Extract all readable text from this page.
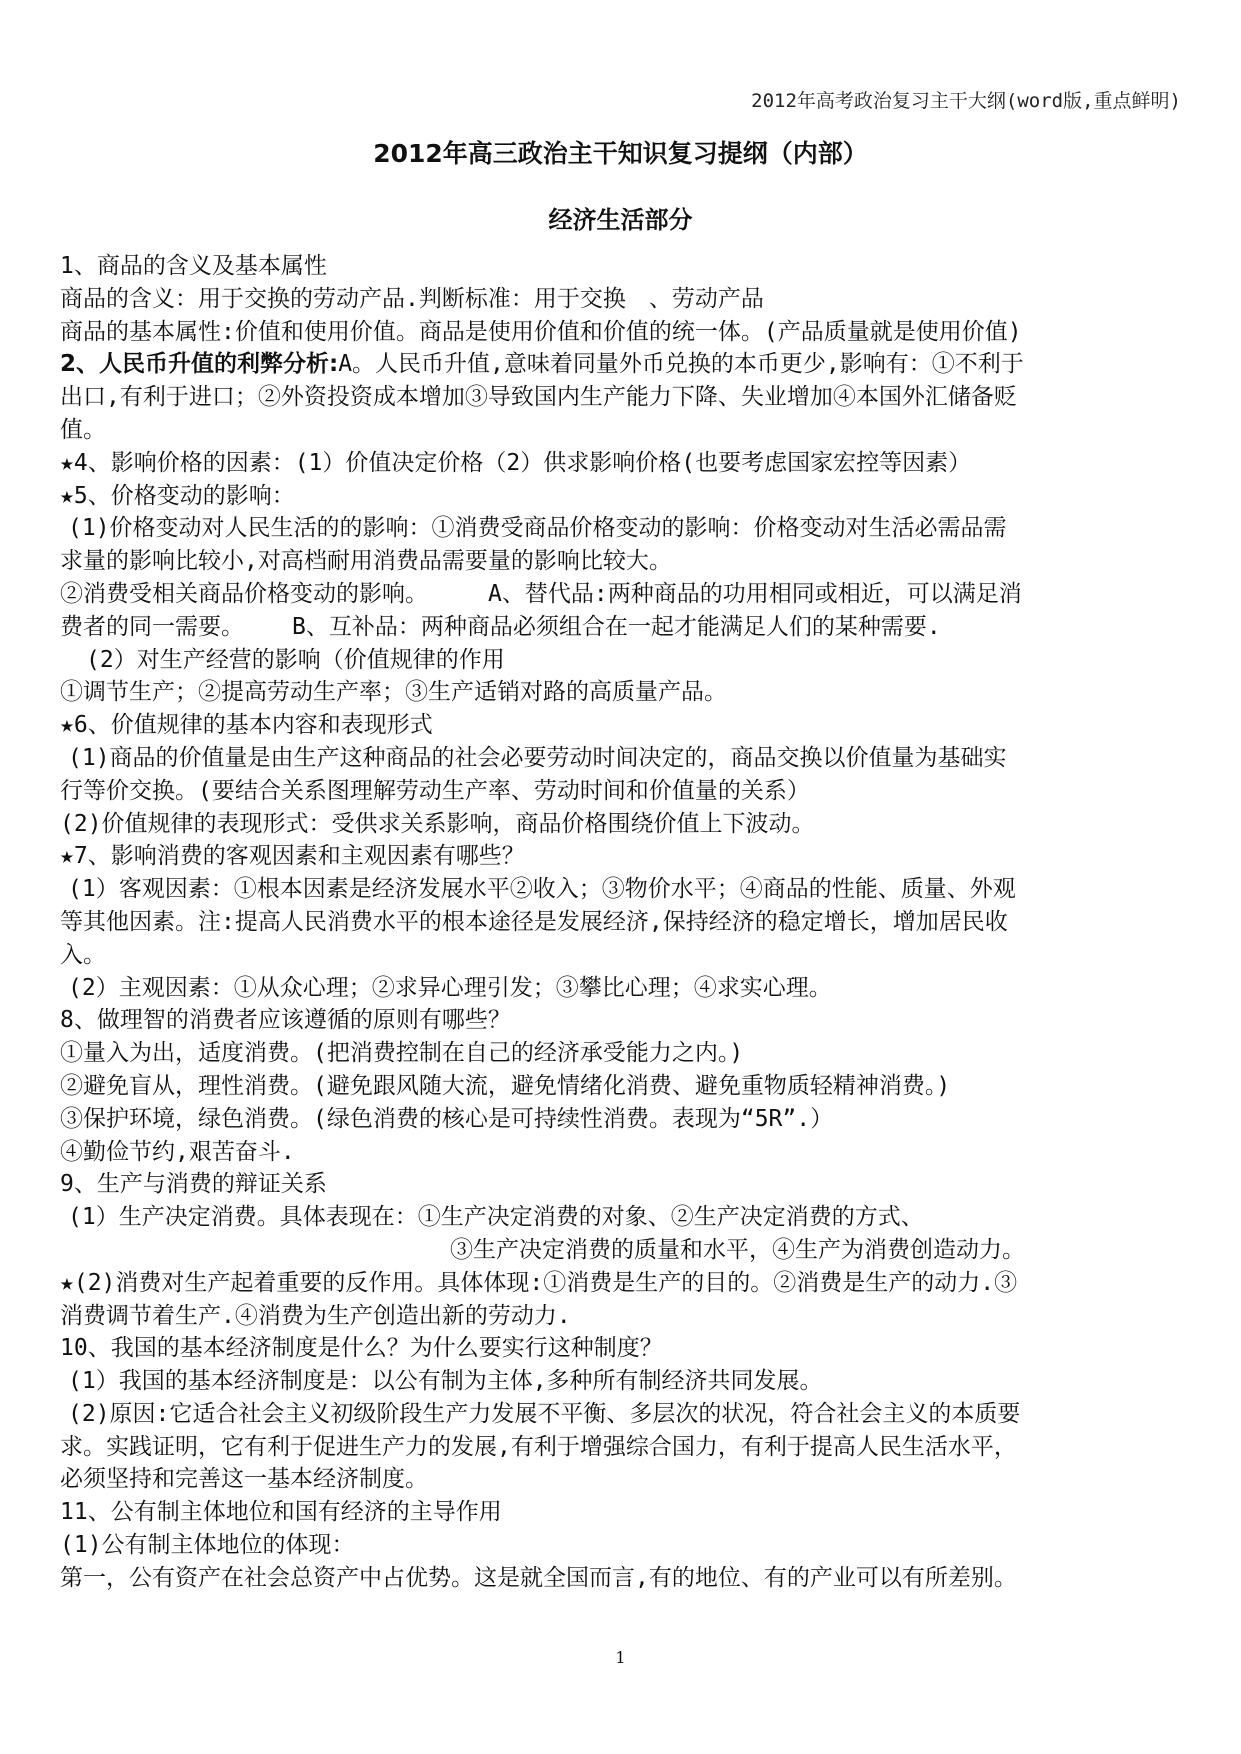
2012年高考政治复习主干大纲(word版,重点鲜明)
2012年高三政治主干知识复习提纲（内部）
经济生活部分
1、商品的含义及基本属性
商品的含义：用于交换的劳动产品.判断标准：用于交换　、劳动产品
商品的基本属性:价值和使用价值。商品是使用价值和价值的统一体。(产品质量就是使用价值)
2、人民币升值的利弊分析:A。人民币升值,意味着同量外币兑换的本币更少,影响有：①不利于
出口,有利于进口；②外资投资成本增加③导致国内生产能力下降、失业增加④本国外汇储备贬
值。
★4、影响价格的因素：(1）价值决定价格（2）供求影响价格(也要考虑国家宏控等因素）
★5、价格变动的影响：
(1)价格变动对人民生活的的影响：①消费受商品价格变动的影响：价格变动对生活必需品需
求量的影响比较小,对高档耐用消费品需要量的影响比较大。
②消费受相关商品价格变动的影响。	A、替代品:两种商品的功用相同或相近，可以满足消
费者的同一需要。 B、互补品：两种商品必须组合在一起才能满足人们的某种需要.
(2）对生产经营的影响（价值规律的作用
①调节生产；②提高劳动生产率；③生产适销对路的高质量产品。
★6、价值规律的基本内容和表现形式
(1)商品的价值量是由生产这种商品的社会必要劳动时间决定的，商品交换以价值量为基础实
行等价交换。(要结合关系图理解劳动生产率、劳动时间和价值量的关系）
(2)价值规律的表现形式：受供求关系影响，商品价格围绕价值上下波动。
★7、影响消费的客观因素和主观因素有哪些？
(1）客观因素：①根本因素是经济发展水平②收入；③物价水平；④商品的性能、质量、外观
等其他因素。注:提高人民消费水平的根本途径是发展经济,保持经济的稳定增长，增加居民收
入。
(2）主观因素：①从众心理；②求异心理引发；③攀比心理；④求实心理。
8、做理智的消费者应该遵循的原则有哪些？
①量入为出，适度消费。(把消费控制在自己的经济承受能力之内。)
②避免盲从，理性消费。(避免跟风随大流，避免情绪化消费、避免重物质轻精神消费。)
③保护环境，绿色消费。(绿色消费的核心是可持续性消费。表现为“5R”.）
④勤俭节约,艰苦奋斗.
9、生产与消费的辩证关系
(1）生产决定消费。具体表现在：①生产决定消费的对象、②生产决定消费的方式、
③生产决定消费的质量和水平，④生产为消费创造动力。
★(2)消费对生产起着重要的反作用。具体体现:①消费是生产的目的。②消费是生产的动力.③
消费调节着生产.④消费为生产创造出新的劳动力.
10、我国的基本经济制度是什么？为什么要实行这种制度？
(1）我国的基本经济制度是：以公有制为主体,多种所有制经济共同发展。
(2)原因:它适合社会主义初级阶段生产力发展不平衡、多层次的状况，符合社会主义的本质要
求。实践证明，它有利于促进生产力的发展,有利于增强综合国力，有利于提高人民生活水平，
必须坚持和完善这一基本经济制度。
11、公有制主体地位和国有经济的主导作用
(1)公有制主体地位的体现：
第一，公有资产在社会总资产中占优势。这是就全国而言,有的地位、有的产业可以有所差别。
1
